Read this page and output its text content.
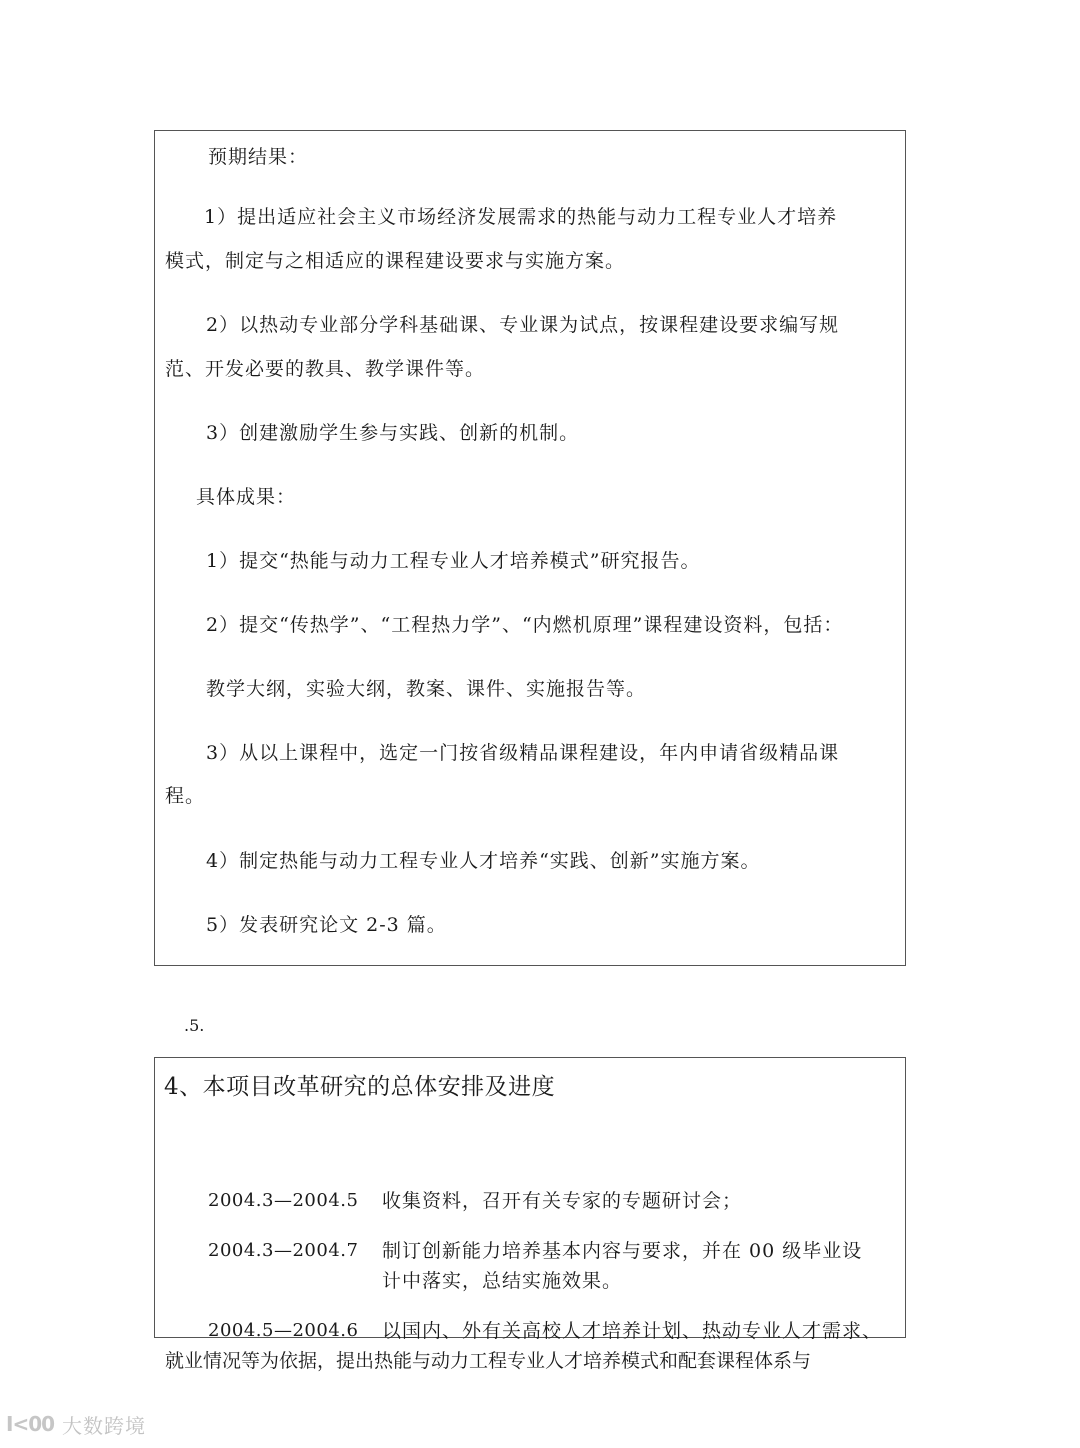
预期结果：
1）提出适应社会主义市场经济发展需求的热能与动力工程专业人才培养
模式，制定与之相适应的课程建设要求与实施方案。
2）以热动专业部分学科基础课、专业课为试点，按课程建设要求编写规
范、开发必要的教具、教学课件等。
3）创建激励学生参与实践、创新的机制。
具体成果：
1）提交“热能与动力工程专业人才培养模式”研究报告。
2）提交“传热学”、“工程热力学”、“内燃机原理”课程建设资料，包括：
教学大纲，实验大纲，教案、课件、实施报告等。
3）从以上课程中，选定一门按省级精品课程建设，年内申请省级精品课
程。
4）制定热能与动力工程专业人才培养“实践、创新”实施方案。
5）发表研究论文 2-3 篇。
.5.
4、本项目改革研究的总体安排及进度
2004.3—2004.5 收集资料，召开有关专家的专题研讨会；
2004.3—2004.7 制订创新能力培养基本内容与要求，并在 00 级毕业设
计中落实，总结实施效果。
2004.5—2004.6 以国内、外有关高校人才培养计划、热动专业人才需求、
就业情况等为依据，提出热能与动力工程专业人才培养模式和配套课程体系与
I<00 大数跨境
